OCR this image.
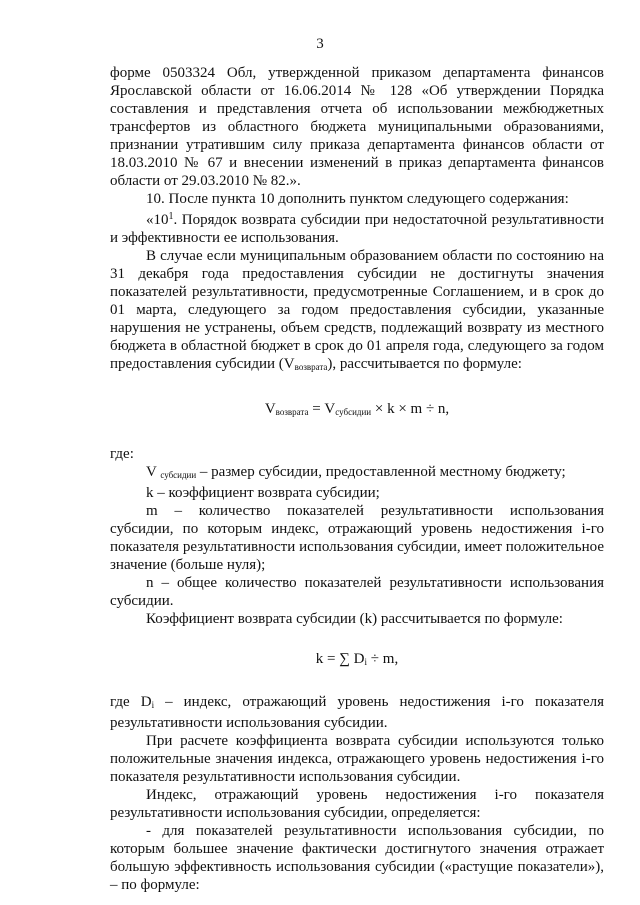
3

форме 0503324 Обл, утвержденной приказом департамента финансов Ярославской области от 16.06.2014 № 128 «Об утверждении Порядка составления и представления отчета об использовании межбюджетных трансфертов из областного бюджета муниципальными образованиями, признании утратившим силу приказа департамента финансов области от 18.03.2010 № 67 и внесении изменений в приказ департамента финансов области от 29.03.2010 № 82.».

10. После пункта 10 дополнить пунктом следующего содержания:

«$10^1$. Порядок возврата субсидии при недостаточной результативности и эффективности ее использования.

В случае если муниципальным образованием области по состоянию на 31 декабря года предоставления субсидии не достигнуты значения показателей результативности, предусмотренные Соглашением, и в срок до 01 марта, следующего за годом предоставления субсидии, указанные нарушения не устранены, объем средств, подлежащий возврату из местного бюджета в областной бюджет в срок до 01 апреля года, следующего за годом предоставления субсидии $(V_{возврата})$, рассчитывается по формуле:

$V_{возврата} = V_{субсидии} \times k \times m \div n$,

где:

V $_{субсидии}$ – размер субсидии, предоставленной местному бюджету;

k – коэффициент возврата субсидии;

m – количество показателей результативности использования субсидии, по которым индекс, отражающий уровень недостижения i-го показателя результативности использования субсидии, имеет положительное значение (больше нуля);

n – общее количество показателей результативности использования субсидии.

Коэффициент возврата субсидии (k) рассчитывается по формуле:

k = ∑ $D_i \div m$,

где $D_i$ – индекс, отражающий уровень недостижения i-го показателя результативности использования субсидии.

При расчете коэффициента возврата субсидии используются только положительные значения индекса, отражающего уровень недостижения i-го показателя результативности использования субсидии.

Индекс, отражающий уровень недостижения i-го показателя результативности использования субсидии, определяется:

- для показателей результативности использования субсидии, по которым большее значение фактически достигнутого значения отражает большую эффективность использования субсидии («растущие показатели»), – по формуле:
